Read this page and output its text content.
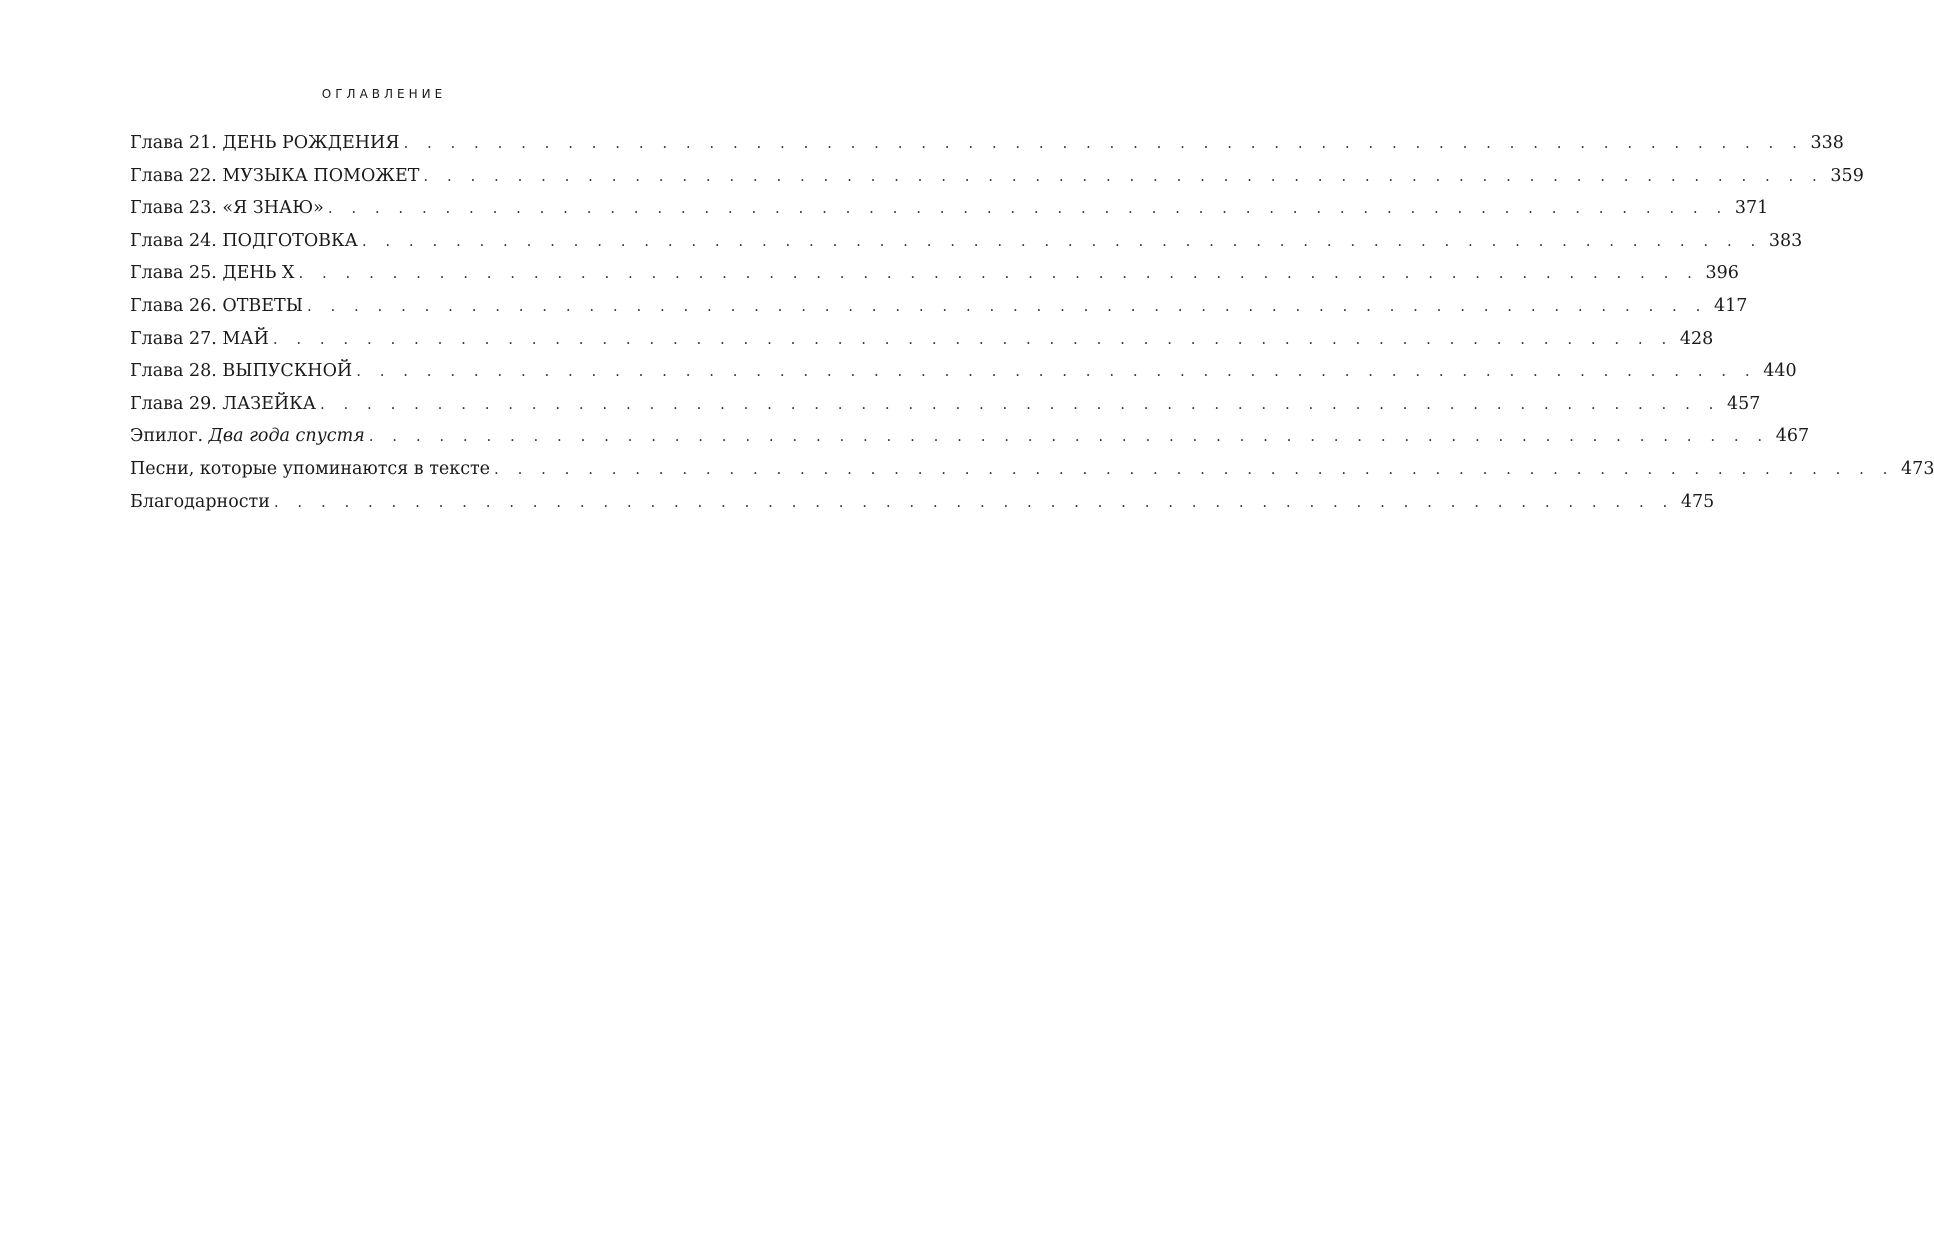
ОГЛАВЛЕНИЕ
Глава 21. ДЕНЬ РОЖДЕНИЯ . . . . . . . . . . . . . . . . . . . . . . . . . . . . . . . . . . . . . . . . . . . . . . . . . . . . . . . . . . . . 338
Глава 22. МУЗЫКА ПОМОЖЕТ . . . . . . . . . . . . . . . . . . . . . . . . . . . . . . . . . . . . . . . . . . . . . . . . . . . . . . . . . . . . 359
Глава 23. «Я ЗНАЮ» . . . . . . . . . . . . . . . . . . . . . . . . . . . . . . . . . . . . . . . . . . . . . . . . . . . . . . . . . . . . 371
Глава 24. ПОДГОТОВКА . . . . . . . . . . . . . . . . . . . . . . . . . . . . . . . . . . . . . . . . . . . . . . . . . . . . . . . . . . . . 383
Глава 25. ДЕНЬ Х . . . . . . . . . . . . . . . . . . . . . . . . . . . . . . . . . . . . . . . . . . . . . . . . . . . . . . . . . . . . 396
Глава 26. ОТВЕТЫ . . . . . . . . . . . . . . . . . . . . . . . . . . . . . . . . . . . . . . . . . . . . . . . . . . . . . . . . . . . . 417
Глава 27. МАЙ . . . . . . . . . . . . . . . . . . . . . . . . . . . . . . . . . . . . . . . . . . . . . . . . . . . . . . . . . . . . 428
Глава 28. ВЫПУСКНОЙ . . . . . . . . . . . . . . . . . . . . . . . . . . . . . . . . . . . . . . . . . . . . . . . . . . . . . . . . . . . . 440
Глава 29. ЛАЗЕЙКА . . . . . . . . . . . . . . . . . . . . . . . . . . . . . . . . . . . . . . . . . . . . . . . . . . . . . . . . . . . . 457
Эпилог. Два года спустя . . . . . . . . . . . . . . . . . . . . . . . . . . . . . . . . . . . . . . . . . . . . . . . . . . . . . . . . . . . . 467
Песни, которые упоминаются в тексте . . . . . . . . . . . . . . . . . . . . . . . . . . . . . . . . . . . . . . . . . . . . . . . . . . . . . . . . . . . . 473
Благодарности . . . . . . . . . . . . . . . . . . . . . . . . . . . . . . . . . . . . . . . . . . . . . . . . . . . . . . . . . . . . 475
